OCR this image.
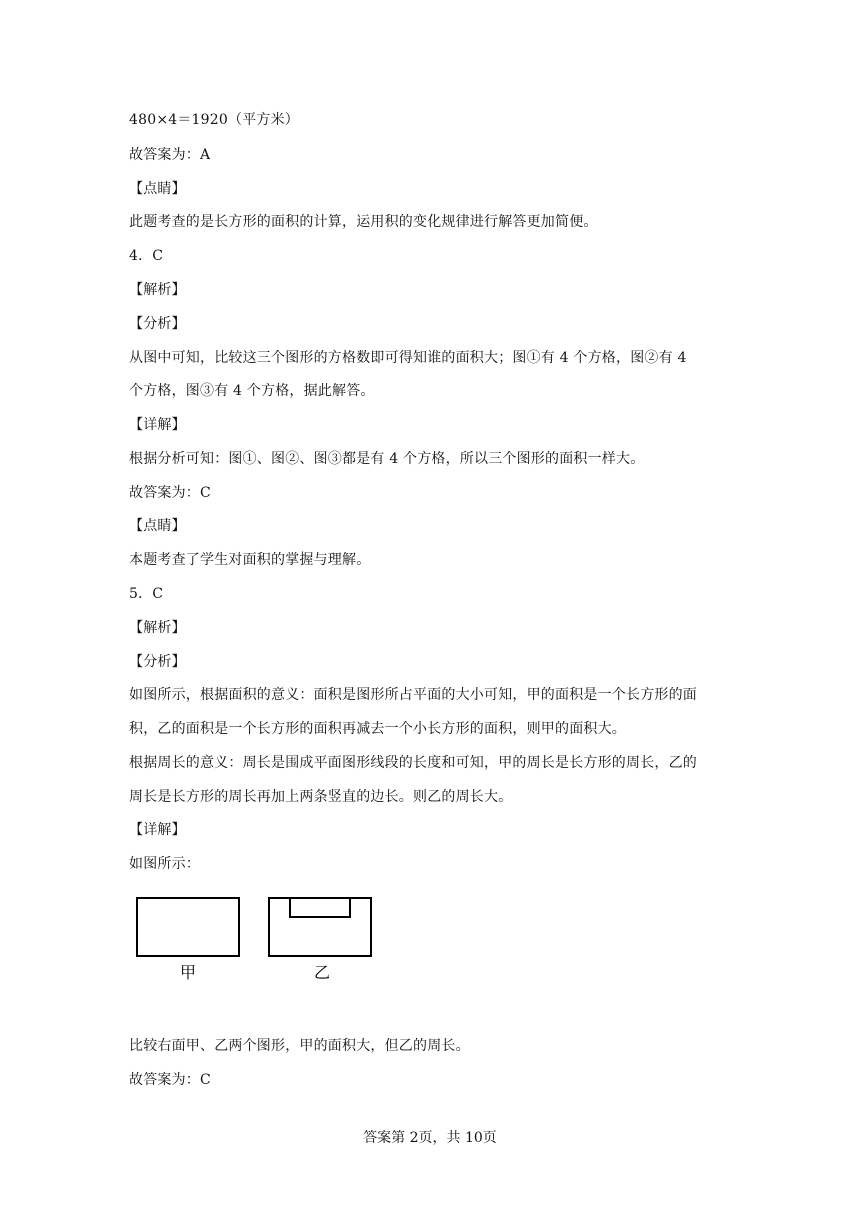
480×4＝1920（平方米）
故答案为：A
【点睛】
此题考查的是长方形的面积的计算，运用积的变化规律进行解答更加简便。
4．C
【解析】
【分析】
从图中可知，比较这三个图形的方格数即可得知谁的面积大；图①有 4 个方格，图②有 4
个方格，图③有 4 个方格，据此解答。
【详解】
根据分析可知：图①、图②、图③都是有 4 个方格，所以三个图形的面积一样大。
故答案为：C
【点睛】
本题考查了学生对面积的掌握与理解。
5．C
【解析】
【分析】
如图所示，根据面积的意义：面积是图形所占平面的大小可知，甲的面积是一个长方形的面
积，乙的面积是一个长方形的面积再减去一个小长方形的面积，则甲的面积大。
根据周长的意义：周长是围成平面图形线段的长度和可知，甲的周长是长方形的周长，乙的
周长是长方形的周长再加上两条竖直的边长。则乙的周长大。
【详解】
如图所示：
甲	乙
比较右面甲、乙两个图形，甲的面积大，但乙的周长。
故答案为：C
答案第 2页，共 10页
